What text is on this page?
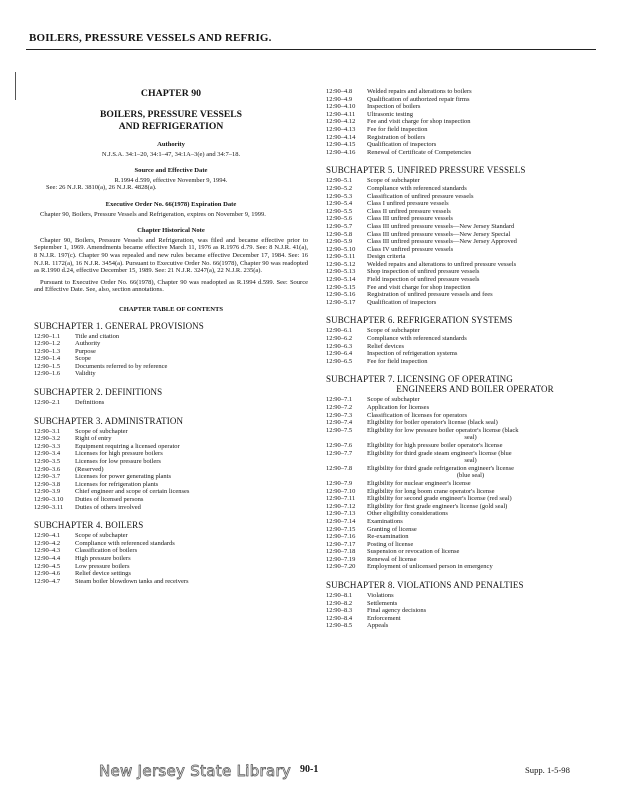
BOILERS, PRESSURE VESSELS AND REFRIG.
CHAPTER 90
BOILERS, PRESSURE VESSELS
AND REFRIGERATION
Authority
N.J.S.A. 34:1–20, 34:1–47, 34:1A–3(e) and 34:7–18.
Source and Effective Date
R.1994 d.599, effective November 9, 1994.
See: 26 N.J.R. 3810(a), 26 N.J.R. 4828(a).
Executive Order No. 66(1978) Expiration Date
Chapter 90, Boilers, Pressure Vessels and Refrigeration, expires on November 9, 1999.
Chapter Historical Note
Chapter 90, Boilers, Pressure Vessels and Refrigeration, was filed and became effective prior to September 1, 1969. Amendments became effective March 11, 1976 as R.1976 d.79. See: 8 N.J.R. 41(a), 8 N.J.R. 197(c). Chapter 90 was repealed and new rules became effective December 17, 1984. See: 16 N.J.R. 1172(a), 16 N.J.R. 3454(a). Pursuant to Executive Order No. 66(1978), Chapter 90 was readopted as R.1990 d.24, effective December 15, 1989. See: 21 N.J.R. 3247(a), 22 N.J.R. 235(a).
Pursuant to Executive Order No. 66(1978), Chapter 90 was readopted as R.1994 d.599. See: Source and Effective Date. See, also, section annotations.
CHAPTER TABLE OF CONTENTS
SUBCHAPTER 1. GENERAL PROVISIONS
12:90–1.1	Title and citation
12:90–1.2	Authority
12:90–1.3	Purpose
12:90–1.4	Scope
12:90–1.5	Documents referred to by reference
12:90–1.6	Validity
SUBCHAPTER 2. DEFINITIONS
12:90–2.1	Definitions
SUBCHAPTER 3. ADMINISTRATION
12:90–3.1	Scope of subchapter
12:90–3.2	Right of entry
12:90–3.3	Equipment requiring a licensed operator
12:90–3.4	Licenses for high pressure boilers
12:90–3.5	Licenses for low pressure boilers
12:90–3.6	(Reserved)
12:90–3.7	Licenses for power generating plants
12:90–3.8	Licenses for refrigeration plants
12:90–3.9	Chief engineer and scope of certain licenses
12:90–3.10	Duties of licensed persons
12:90–3.11	Duties of others involved
SUBCHAPTER 4. BOILERS
12:90–4.1	Scope of subchapter
12:90–4.2	Compliance with referenced standards
12:90–4.3	Classification of boilers
12:90–4.4	High pressure boilers
12:90–4.5	Low pressure boilers
12:90–4.6	Relief device settings
12:90–4.7	Steam boiler blowdown tanks and receivers
12:90–4.8	Welded repairs and alterations to boilers
12:90–4.9	Qualification of authorized repair firms
12:90–4.10	Inspection of boilers
12:90–4.11	Ultrasonic testing
12:90–4.12	Fee and visit charge for shop inspection
12:90–4.13	Fee for field inspection
12:90–4.14	Registration of boilers
12:90–4.15	Qualification of inspectors
12:90–4.16	Renewal of Certificate of Competencies
SUBCHAPTER 5. UNFIRED PRESSURE VESSELS
12:90–5.1	Scope of subchapter
12:90–5.2	Compliance with referenced standards
12:90–5.3	Classification of unfired pressure vessels
12:90–5.4	Class I unfired pressure vessels
12:90–5.5	Class II unfired pressure vessels
12:90–5.6	Class III unfired pressure vessels
12:90–5.7	Class III unfired pressure vessels—New Jersey Standard
12:90–5.8	Class III unfired pressure vessels—New Jersey Special
12:90–5.9	Class III unfired pressure vessels—New Jersey Approved
12:90–5.10	Class IV unfired pressure vessels
12:90–5.11	Design criteria
12:90–5.12	Welded repairs and alterations to unfired pressure vessels
12:90–5.13	Shop inspection of unfired pressure vessels
12:90–5.14	Field inspection of unfired pressure vessels
12:90–5.15	Fee and visit charge for shop inspection
12:90–5.16	Registration of unfired pressure vessels and fees
12:90–5.17	Qualification of inspectors
SUBCHAPTER 6. REFRIGERATION SYSTEMS
12:90–6.1	Scope of subchapter
12:90–6.2	Compliance with referenced standards
12:90–6.3	Relief devices
12:90–6.4	Inspection of refrigeration systems
12:90–6.5	Fee for field inspection
SUBCHAPTER 7. LICENSING OF OPERATING
ENGINEERS AND BOILER OPERATOR
12:90–7.1	Scope of subchapter
12:90–7.2	Application for licenses
12:90–7.3	Classification of licenses for operators
12:90–7.4	Eligibility for boiler operator's license (black seal)
12:90–7.5	Eligibility for low pressure boiler operator's license (black
seal)
12:90–7.6	Eligibility for high pressure boiler operator's license
12:90–7.7	Eligibility for third grade steam engineer's license (blue
seal)
12:90–7.8	Eligibility for third grade refrigeration engineer's license
(blue seal)
12:90–7.9	Eligibility for nuclear engineer's license
12:90–7.10	Eligibility for long boom crane operator's license
12:90–7.11	Eligibility for second grade engineer's license (red seal)
12:90–7.12	Eligibility for first grade engineer's license (gold seal)
12:90–7.13	Other eligibility considerations
12:90–7.14	Examinations
12:90–7.15	Granting of license
12:90–7.16	Re-examination
12:90–7.17	Posting of license
12:90–7.18	Suspension or revocation of license
12:90–7.19	Renewal of license
12:90–7.20	Employment of unlicensed person in emergency
SUBCHAPTER 8. VIOLATIONS AND PENALTIES
12:90–8.1	Violations
12:90–8.2	Settlements
12:90–8.3	Final agency decisions
12:90–8.4	Enforcement
12:90–8.5	Appeals
New Jersey State Library 90-1	Supp. 1-5-98
